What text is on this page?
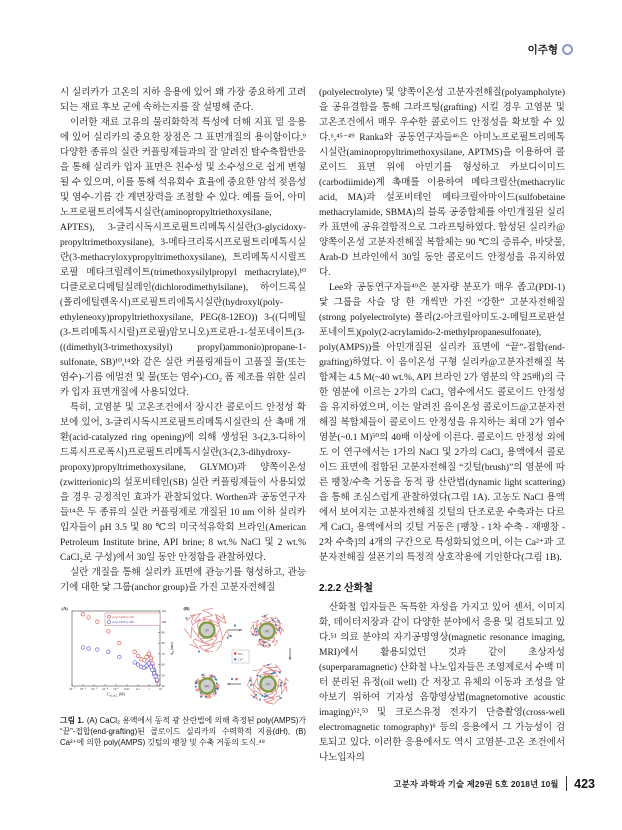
이주형

시 실리카가 고온의 지하 응용에 있어 왜 가장 중요하게 고려되는 재료 후보 군에 속하는지를 잘 설명해 준다.

이러한 재료 고유의 물리화학적 특성에 더해 지표 밑 응용에 있어 실리카의 중요한 장점은 그 표면개질의 용이함이다.⁹ 다양한 종류의 실란 커플링제들과의 잘 알려진 탈수축합반응을 통해 실리카 입자 표면은 친수성 및 소수성으로 쉽게 변형될 수 있으며, 이를 통해 석유회수 효율에 중요한 암석 젖음성 및 염수-기름 간 계면장력을 조절할 수 있다. 예를 들어, 아미노프로필트리에톡시실란(aminopropyltriethoxysilane, APTES), 3-글리시독시프로필트리메톡시실란(3-glycidoxy-propyltrimethoxysilane), 3-메타크리록시프로필트리메톡시실란(3-methacryloxypropyltrimethoxysilane), 트리메톡시시릴프로필 메타크릴레이트(trimethoxysilylpropyl methacrylate),¹⁰ 디클로로디메틸실레인(dichlorodimethylsilane), 하이드록실(폴리에틸렌옥시)프로필트리에톡시실란(hydroxyl(poly-ethyleneoxy)propyltriethoxysilane, PEG(8-12EO)) 3-((디메틸(3-트리메톡시시릴)프로필)암모니오)프로판-1-설포네이트(3-((dimethyl(3-trimethoxysilyl) propyl)ammonio)propane-1-sulfonate, SB)¹⁰,¹⁴와 같은 실란 커플링제들이 고품질 물(또는 염수)-기름 에멀전 및 물(또는 염수)-CO₂ 폼 제조를 위한 실리카 입자 표면개질에 사용되었다.

특히, 고염분 및 고온조건에서 장시간 콜로이드 안정성 확보에 있어, 3-글리시독시프로필트리메톡시실란의 산 촉매 개환(acid-catalyzed ring opening)에 의해 생성된 3-(2,3-디하이드록시프로폭시)프로필트리메톡시실란(3-(2,3-dihydroxy-propoxy)propyltrimethoxysilane, GLYMO)과 양쪽이온성(zwitterionic)의 설포비테인(SB) 실란 커플링제들이 사용되었을 경우 긍정적인 효과가 관찰되었다. Worthen과 공동연구자들¹⁴은 두 종류의 실란 커플링제로 개질된 10 nm 이하 실리카 입자들이 pH 3.5 및 80 ℃의 미국석유학회 브라인(American Petroleum Institute brine, API brine; 8 wt.% NaCl 및 2 wt.% CaCl₂로 구성)에서 30일 동안 안정함을 관찰하였다.

실란 개질을 통해 실리카 표면에 관능기를 형성하고, 관능기에 대한 닻 그룹(anchor group)을 가진 고분자전해질

(A)
10⁻⁷ 10⁻⁶ 10⁻⁵ 10⁻⁴ 10⁻³ 0.01 0.1	1	10
40
50
60
70
80
90
100
110
$C_{s,CaCl_2}$ (M)
$d_H$ (nm)
poly(AMPS)-10K
poly(AMPS)-30K
(B)
(i)	(ii)
(iii)	(iv)
SO₃⁻
Ca²⁺
그림 1. (A) CaCl₂ 용액에서 동적 광 산란법에 의해 측정된 poly(AMPS)가 “끝”-접합(end-grafting)된 콜로이드 실리카의 수력학적 지름(dH), (B) Ca²⁺에 의한 poly(AMPS) 깃털의 팽창 및 수축 거동의 도식.⁴⁹

(polyelectrolyte) 및 양쪽이온성 고분자전해질(polyampholyte)을 공유결합을 통해 그라프팅(grafting) 시킬 경우 고염분 및 고온조건에서 매우 우수한 콜로이드 안정성을 확보할 수 있다.⁶,⁴⁵⁻⁴⁹ Ranka와 공동연구자들⁴⁶은 아미노프로필트리메톡시실란(aminopropyltrimethoxysilane, APTMS)을 이용하여 콜로이드 표면 위에 아민기를 형성하고 카보디이미드(carbodiimide)계 촉매를 이용하여 메타크릴산(methacrylic acid, MA)과 설포비테인 메타크릴아마이드(sulfobetaine methacrylamide, SBMA)의 블록 공중합체를 아민개질된 실리카 표면에 공유결합적으로 그라프팅하였다. 합성된 실리카@양쪽이온성 고분자전해질 복합체는 90 ℃의 증류수, 바닷물, Arab-D 브라인에서 30일 동안 콜로이드 안정성을 유지하였다.

Lee와 공동연구자들⁴⁹은 분자량 분포가 매우 좁고(PDI-1) 닻 그룹을 사슬 당 한 개씩만 가진 “강한” 고분자전해질(strong polyelectrolyte) 폴리(2-아크릴아미도-2-메틸프로판설포네이트)(poly(2-acrylamido-2-methylpropanesulfonate), poly(AMPS))를 아민개질된 실리카 표면에 “끝”-접합(end-grafting)하였다. 이 음이온성 구형 실리카@고분자전해질 복합체는 4.5 M(~40 wt.%, API 브라인 2가 염분의 약 25배)의 극한 염분에 이르는 2가의 CaCl₂ 염수에서도 콜로이드 안정성을 유지하였으며, 이는 알려진 음이온성 콜로이드@고분자전해질 복합체들이 콜로이드 안정성을 유지하는 최대 2가 염수 염분(~0.1 M)⁵⁰의 40배 이상에 이른다. 콜로이드 안정성 외에도 이 연구에서는 1가의 NaCl 및 2가의 CaCl₂ 용액에서 콜로이드 표면에 접합된 고분자전해질 “깃털(brush)”의 염분에 따른 팽창/수축 거동을 동적 광 산란법(dynamic light scattering)을 통해 조심스럽게 관찰하였다(그림 1A). 고농도 NaCl 용액에서 보여지는 고분자전해질 깃털의 단조로운 수축과는 다르게 CaCl₂ 용액에서의 깃털 거동은 [팽창 - 1차 수축 - 재팽창 - 2차 수축]의 4개의 구간으로 특성화되었으며, 이는 Ca²⁺과 고분자전해질 설폰기의 특정적 상호작용에 기인한다(그림 1B).

2.2.2 산화철

산화철 입자들은 독특한 자성을 가지고 있어 센서, 이미지화, 데이터저장과 같이 다양한 분야에서 응용 및 검토되고 있다.⁵¹ 의료 분야의 자기공명영상(magnetic resonance imaging, MRI)에서 활용되었던 것과 같이 초상자성(superparamagnetic) 산화철 나노입자들은 조영제로서 수백 미터 분리된 유정(oil well) 간 저장고 유체의 이동과 조성을 알아보기 위하여 기자성 음향영상법(magnetomotive acoustic imaging)⁵²,⁵³ 및 크로스유정 전자기 단층촬영(cross-well electromagnetic tomography)⁶ 등의 응용에서 그 가능성이 검토되고 있다. 이러한 응용에서도 역시 고염분·고온 조건에서 나노입자의

고분자 과학과 기술 제29권 5호 2018년 10월 423
